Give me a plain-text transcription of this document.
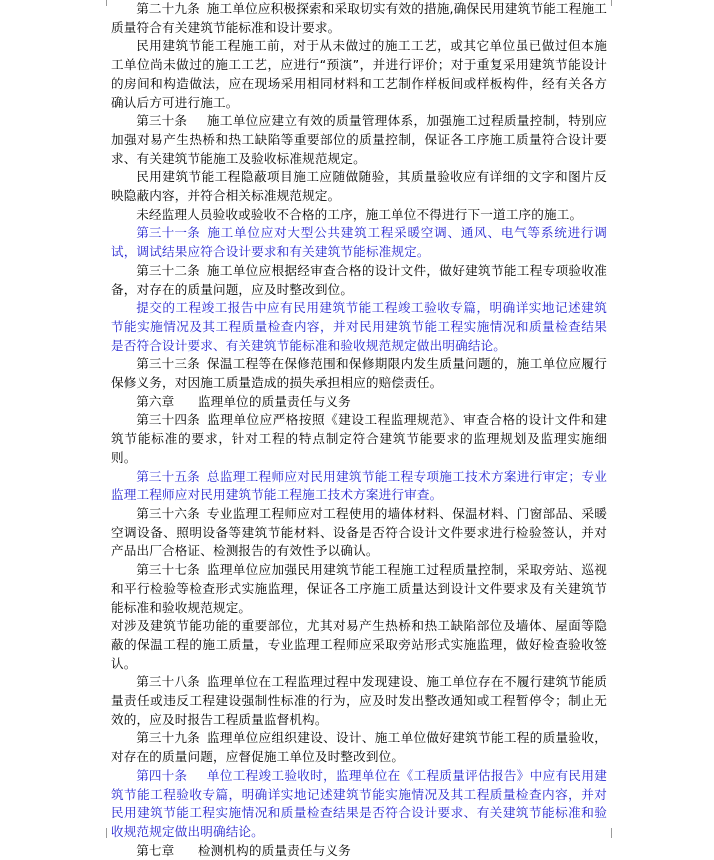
第二十九条 施工单位应积极探索和采取切实有效的措施,确保民用建筑节能工程施工质量符合有关建筑节能标准和设计要求。

民用建筑节能工程施工前，对于从未做过的施工工艺，或其它单位虽已做过但本施工单位尚未做过的施工工艺，应进行“预演”，并进行评价；对于重复采用建筑节能设计的房间和构造做法，应在现场采用相同材料和工艺制作样板间或样板构件，经有关各方确认后方可进行施工。

第三十条 施工单位应建立有效的质量管理体系，加强施工过程质量控制，特别应加强对易产生热桥和热工缺陷等重要部位的质量控制，保证各工序施工质量符合设计要求、有关建筑节能施工及验收标准规范规定。

民用建筑节能工程隐蔽项目施工应随做随验，其质量验收应有详细的文字和图片反映隐蔽内容，并符合相关标准规范规定。

未经监理人员验收或验收不合格的工序，施工单位不得进行下一道工序的施工。

第三十一条 施工单位应对大型公共建筑工程采暖空调、通风、电气等系统进行调试，调试结果应符合设计要求和有关建筑节能标准规定。

第三十二条 施工单位应根据经审查合格的设计文件，做好建筑节能工程专项验收准备，对存在的质量问题，应及时整改到位。

提交的工程竣工报告中应有民用建筑节能工程竣工验收专篇，明确详实地记述建筑节能实施情况及其工程质量检查内容，并对民用建筑节能工程实施情况和质量检查结果是否符合设计要求、有关建筑节能标准和验收规范规定做出明确结论。

第三十三条 保温工程等在保修范围和保修期限内发生质量问题的，施工单位应履行保修义务，对因施工质量造成的损失承担相应的赔偿责任。

第六章 监理单位的质量责任与义务

第三十四条 监理单位应严格按照《建设工程监理规范》、审查合格的设计文件和建筑节能标准的要求，针对工程的特点制定符合建筑节能要求的监理规划及监理实施细则。

第三十五条 总监理工程师应对民用建筑节能工程专项施工技术方案进行审定；专业监理工程师应对民用建筑节能工程施工技术方案进行审查。

第三十六条 专业监理工程师应对工程使用的墙体材料、保温材料、门窗部品、采暖空调设备、照明设备等建筑节能材料、设备是否符合设计文件要求进行检验签认，并对产品出厂合格证、检测报告的有效性予以确认。

第三十七条 监理单位应加强民用建筑节能工程施工过程质量控制，采取旁站、巡视和平行检验等检查形式实施监理，保证各工序施工质量达到设计文件要求及有关建筑节能标准和验收规范规定。

对涉及建筑节能功能的重要部位，尤其对易产生热桥和热工缺陷部位及墙体、屋面等隐蔽的保温工程的施工质量，专业监理工程师应采取旁站形式实施监理，做好检查验收签认。

第三十八条 监理单位在工程监理过程中发现建设、施工单位存在不履行建筑节能质量责任或违反工程建设强制性标准的行为，应及时发出整改通知或工程暂停令；制止无效的，应及时报告工程质量监督机构。

第三十九条 监理单位应组织建设、设计、施工单位做好建筑节能工程的质量验收，对存在的质量问题，应督促施工单位及时整改到位。

第四十条 单位工程竣工验收时，监理单位在《工程质量评估报告》中应有民用建筑节能工程验收专篇，明确详实地记述建筑节能实施情况及其工程质量检查内容，并对民用建筑节能工程实施情况和质量检查结果是否符合设计要求、有关建筑节能标准和验收规范规定做出明确结论。

第七章 检测机构的质量责任与义务
